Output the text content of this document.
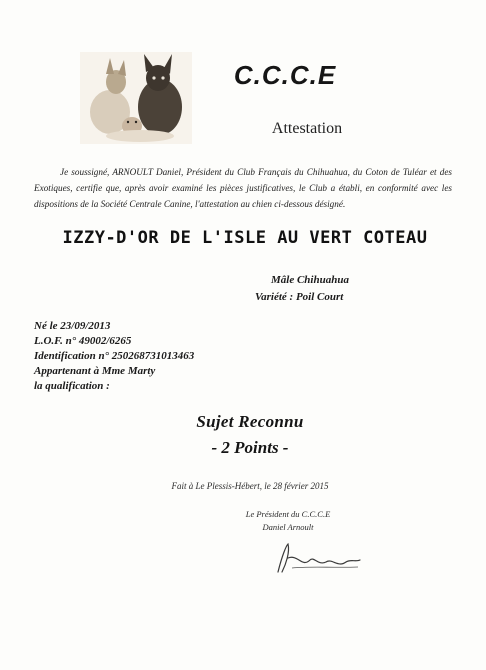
C.C.C.E
Attestation
Je soussigné, ARNOULT Daniel, Président du Club Français du Chihuahua, du Coton de Tuléar et des Exotiques, certifie que, après avoir examiné les pièces justificatives, le Club a établi, en conformité avec les dispositions de la Société Centrale Canine, l'attestation au chien ci-dessous désigné.
IZZY-D'OR DE L'ISLE AU VERT COTEAU
Mâle Chihuahua
Variété : Poil Court
Né le 23/09/2013
L.O.F. n° 49002/6265
Identification n° 250268731013463
Appartenant à Mme Marty
la qualification :
Sujet Reconnu
- 2 Points -
Fait à Le Plessis-Hébert, le 28 février 2015
Le Président du C.C.C.E
Daniel Arnoult
